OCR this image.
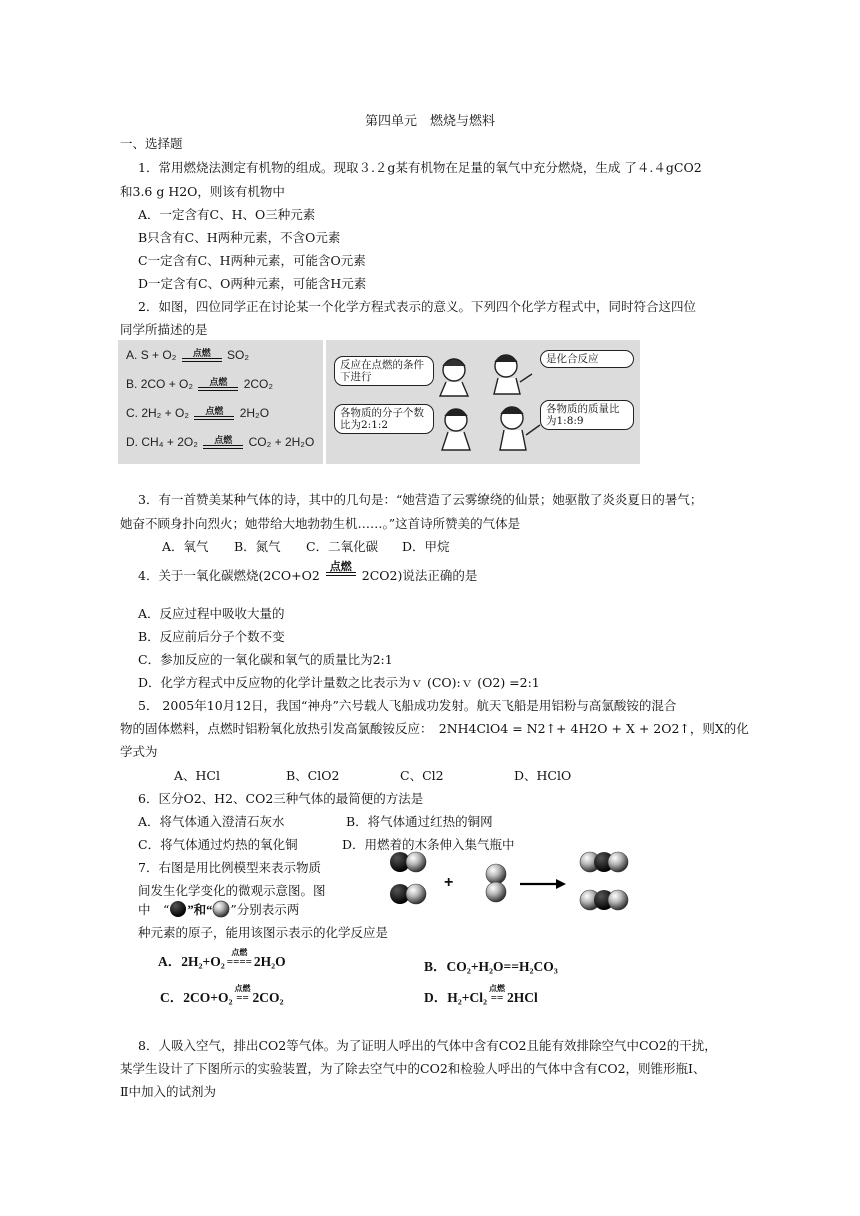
第四单元　燃烧与燃料
一、选择题
1．常用燃烧法测定有机物的组成。现取３.２g某有机物在足量的氧气中充分燃烧，生成 了４.４gCO2
和3.6 g H2O，则该有机物中
A．一定含有C、H、O三种元素
B只含有C、H两种元素，不含O元素
C一定含有C、H两种元素，可能含O元素
D一定含有C、O两种元素，可能含H元素
2．如图，四位同学正在讨论某一个化学方程式表示的意义。下列四个化学方程式中，同时符合这四位
同学所描述的是
A. S + O₂ 点燃 SO₂
B. 2CO + O₂ 点燃 2CO₂
C. 2H₂ + O₂ 点燃 2H₂O
D. CH₄ + 2O₂ 点燃 CO₂ + 2H₂O
反应在点燃的条件下进行
是化合反应
各物质的分子个数比为2:1:2
各物质的质量比为1:8:9
3．有一首赞美某种气体的诗，其中的几句是：“她营造了云雾缭绕的仙景；她驱散了炎炎夏日的暑气；
她奋不顾身扑向烈火；她带给大地勃勃生机……。”这首诗所赞美的气体是
A．氧气 B．氮气 C．二氧化碳 D．甲烷
4．关于一氧化碳燃烧(2CO+O2
点燃
2CO2)说法正确的是
A．反应过程中吸收大量的
B．反应前后分子个数不变
C．参加反应的一氧化碳和氧气的质量比为2:1
D．化学方程式中反应物的化学计量数之比表示为ｖ (CO):ｖ (O2) =2:1
5． 2005年10月12日，我国“神舟”六号载人飞船成功发射。航天飞船是用铝粉与高氯酸铵的混合
物的固体燃料，点燃时铝粉氧化放热引发高氯酸铵反应：　2NH4ClO4 = N2↑+ 4H2O + X + 2O2↑，则X的化
学式为
A、HCl	B、ClO2	C、Cl2	D、HClO
6．区分O2、H2、CO2三种气体的最简便的方法是
A．将气体通入澄清石灰水	B．将气体通过红热的铜网
C．将气体通过灼热的氧化铜	D．用燃着的木条伸入集气瓶中
7．右图是用比例模型来表示物质
间发生化学变化的微观示意图。图
中　“ ”和“ ”分别表示两
种元素的原子，能用该图示表示的化学反应是
+
A．2H₂+O₂
点燃
==== 2H₂O	B．CO₂+H₂O==H₂CO₃
C．2CO+O₂
点燃
== 2CO₂	D．H₂+Cl₂
点燃
== 2HCl
8．人吸入空气，排出CO2等气体。为了证明人呼出的气体中含有CO2且能有效排除空气中CO2的干扰，
某学生设计了下图所示的实验装置，为了除去空气中的CO2和检验人呼出的气体中含有CO2，则锥形瓶Ⅰ、
Ⅱ中加入的试剂为
